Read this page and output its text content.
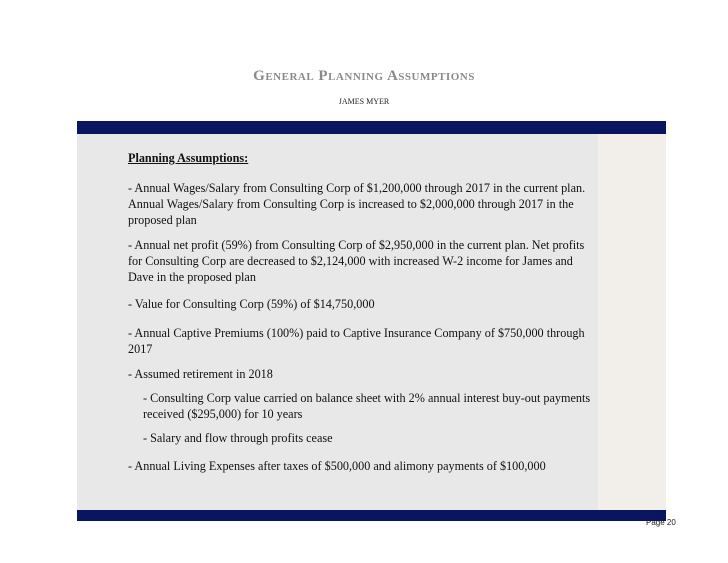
General Planning Assumptions
JAMES MYER

Planning Assumptions:

- Annual Wages/Salary from Consulting Corp of $1,200,000 through 2017 in the current plan. Annual Wages/Salary from Consulting Corp is increased to $2,000,000 through 2017 in the proposed plan

- Annual net profit (59%) from Consulting Corp of $2,950,000 in the current plan. Net profits for Consulting Corp are decreased to $2,124,000 with increased W-2 income for James and Dave in the proposed plan

- Value for Consulting Corp (59%) of $14,750,000

- Annual Captive Premiums (100%) paid to Captive Insurance Company of $750,000 through 2017

- Assumed retirement in 2018

- Consulting Corp value carried on balance sheet with 2% annual interest buy-out payments received ($295,000) for 10 years

- Salary and flow through profits cease

- Annual Living Expenses after taxes of $500,000 and alimony payments of $100,000

Page 20
